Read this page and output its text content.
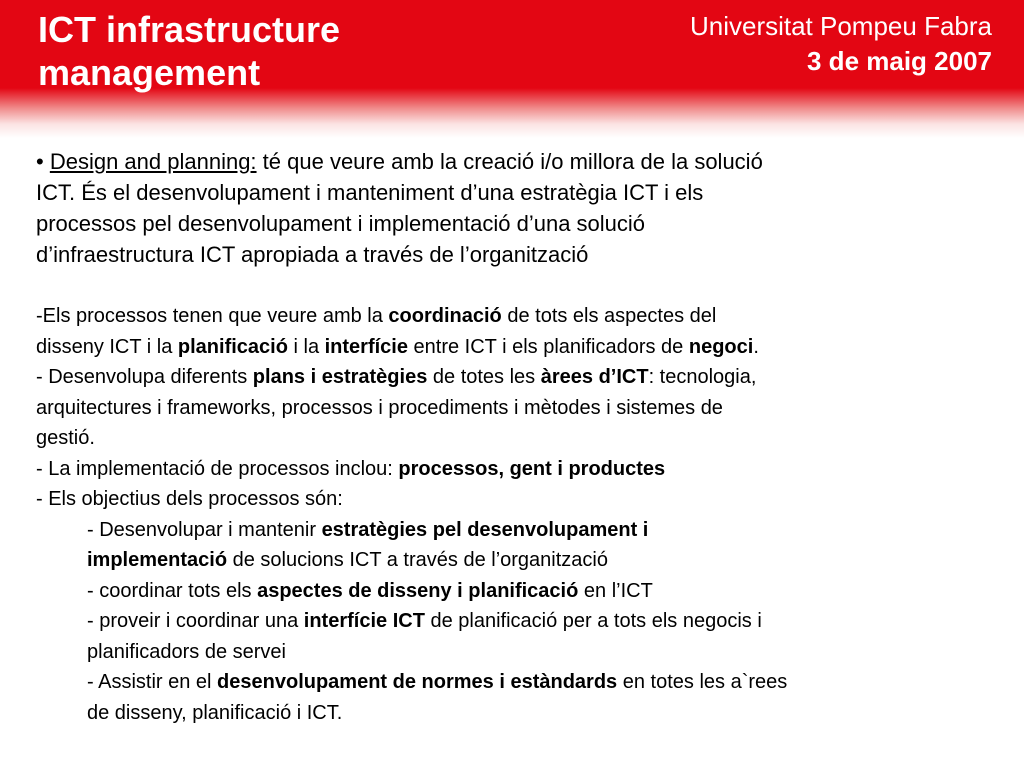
ICT infrastructure
management
Universitat Pompeu Fabra
3 de maig 2007

• Design and planning: té que veure amb la creació i/o millora de la solució
ICT. És el desenvolupament i manteniment d’una estratègia ICT i els
processos pel desenvolupament i implementació d’una solució
d’infraestructura ICT apropiada a través de l’organització

-Els processos tenen que veure amb la coordinació de tots els aspectes del
disseny ICT i la planificació i la interfície entre ICT i els planificadors de negoci.
- Desenvolupa diferents plans i estratègies de totes les àrees d’ICT: tecnologia,
arquitectures i frameworks, processos i procediments i mètodes i sistemes de
gestió.
- La implementació de processos inclou: processos, gent i productes
- Els objectius dels processos són:
- Desenvolupar i mantenir estratègies pel desenvolupament i
implementació de solucions ICT a través de l’organització
- coordinar tots els aspectes de disseny i planificació en l’ICT
- proveir i coordinar una interfície ICT de planificació per a tots els negocis i
planificadors de servei
- Assistir en el desenvolupament de normes i estàndards en totes les a`rees
de disseny, planificació i ICT.
